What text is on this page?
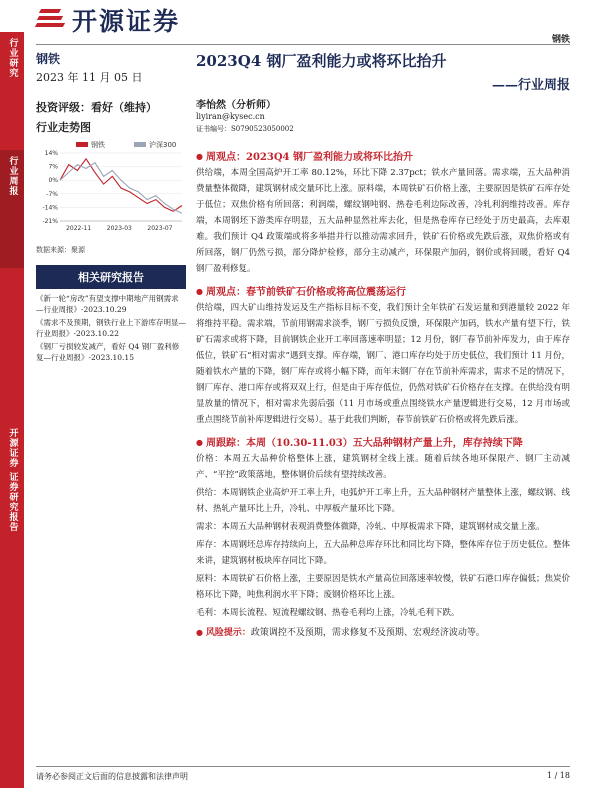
行业研究
行业周报
开源证券 证券研究报告
开源证券
钢铁
钢铁
2023 年 11 月 05 日
投资评级：看好（维持）
行业走势图
钢铁	沪深300
14%
7%
0%
-7%
-14%
-21%
2022-11	2023-03	2023-07
数据来源：聚源
相关研究报告
《新一轮“房改”有望支撑中期地产用钢需求—行业周报》-2023.10.29
《需求不及预期，钢铁行业上下游库存明显—行业周报》-2023.10.22
《钢厂亏损较发减产，看好 Q4 钢厂盈利修复—行业周报》-2023.10.15
2023Q4 钢厂盈利能力或将环比抬升
——行业周报
李怡然（分析师）
liyiran@kysec.cn
证书编号：S0790523050002
● 周观点：2023Q4 钢厂盈利能力或将环比抬升

供给端，本周全国高炉开工率 80.12%，环比下降 2.37pct；铁水产量回落。需求端，五大品种消费量整体微降，建筑钢材成交量环比上涨。原料端，本周铁矿石价格上涨，主要原因是铁矿石库存处于低位；双焦价格有所回落；利润端，螺纹钢吨钢、热卷毛利边际改善，冷轧利润维持改善。库存端，本周钢坯下游类库存明显，五大品种显然社库去化，但是热卷库存已经处于历史最高，去库艰难。我们预计 Q4 政策端或将多举措并行以推动需求回升，铁矿石价格或先跌后涨，双焦价格或有所回落，钢厂仍然亏损，部分降炉检修，部分主动减产，环保限产加码，钢价或将回暖，看好 Q4 钢厂盈利修复。

● 周观点：春节前铁矿石价格或将高位震荡运行

供给端，四大矿山维持发运及生产指标目标不变，我们预计全年铁矿石发运量和到港量较 2022 年将维持平稳。需求端，节前用钢需求淡季，钢厂亏损负反馈，环保限产加码，铁水产量有望下行，铁矿石需求或将下降，目前钢铁企业开工率回落速率明显；12 月份，钢厂春节前补库发力，由于库存低位，铁矿石“相对需求”遇到支撑。库存端，钢厂、港口库存均处于历史低位，我们预计 11 月份，随着铁水产量的下降，钢厂库存或将小幅下降，而年末钢厂存在节前补库需求，需求不足的情况下，钢厂库存、港口库存或将双双上行，但是由于库存低位，仍然对铁矿石价格存在支撑。在供给没有明显放量的情况下，相对需求先弱后强（11 月市场或重点围绕铁水产量逻辑进行交易，12 月市场或重点围绕节前补库逻辑进行交易）。基于此我们判断，春节前铁矿石价格或将先跌后涨。

● 周跟踪：本周（10.30-11.03）五大品种钢材产量上升，库存持续下降

价格：本周五大品种价格整体上涨，建筑钢材全线上涨。随着后续各地环保限产、钢厂主动减产、“平控”政策落地，整体钢价后续有望持续改善。

供给：本周钢铁企业高炉开工率上升，电弧炉开工率上升，五大品种钢材产量整体上涨，螺纹钢、线材、热轧产量环比上升，冷轧、中厚板产量环比下降。

需求：本周五大品种钢材表观消费整体微降，冷轧、中厚板需求下降，建筑钢材成交量上涨。

库存：本周钢坯总库存持续向上，五大品种总库存环比和同比均下降，整体库存位于历史低位。整体来讲，建筑钢材板块库存同比下降。

原料：本周铁矿石价格上涨，主要原因是铁水产量高位回落速率较慢，铁矿石港口库存偏低；焦炭价格环比下降，吨焦利润水平下降；废钢价格环比上涨。

毛利：本周长流程、短流程螺纹钢、热卷毛利均上涨，冷轧毛利下跌。

● 风险提示：政策调控不及预期，需求修复不及预期、宏观经济波动等。
请务必参阅正文后面的信息披露和法律声明	1 / 18
